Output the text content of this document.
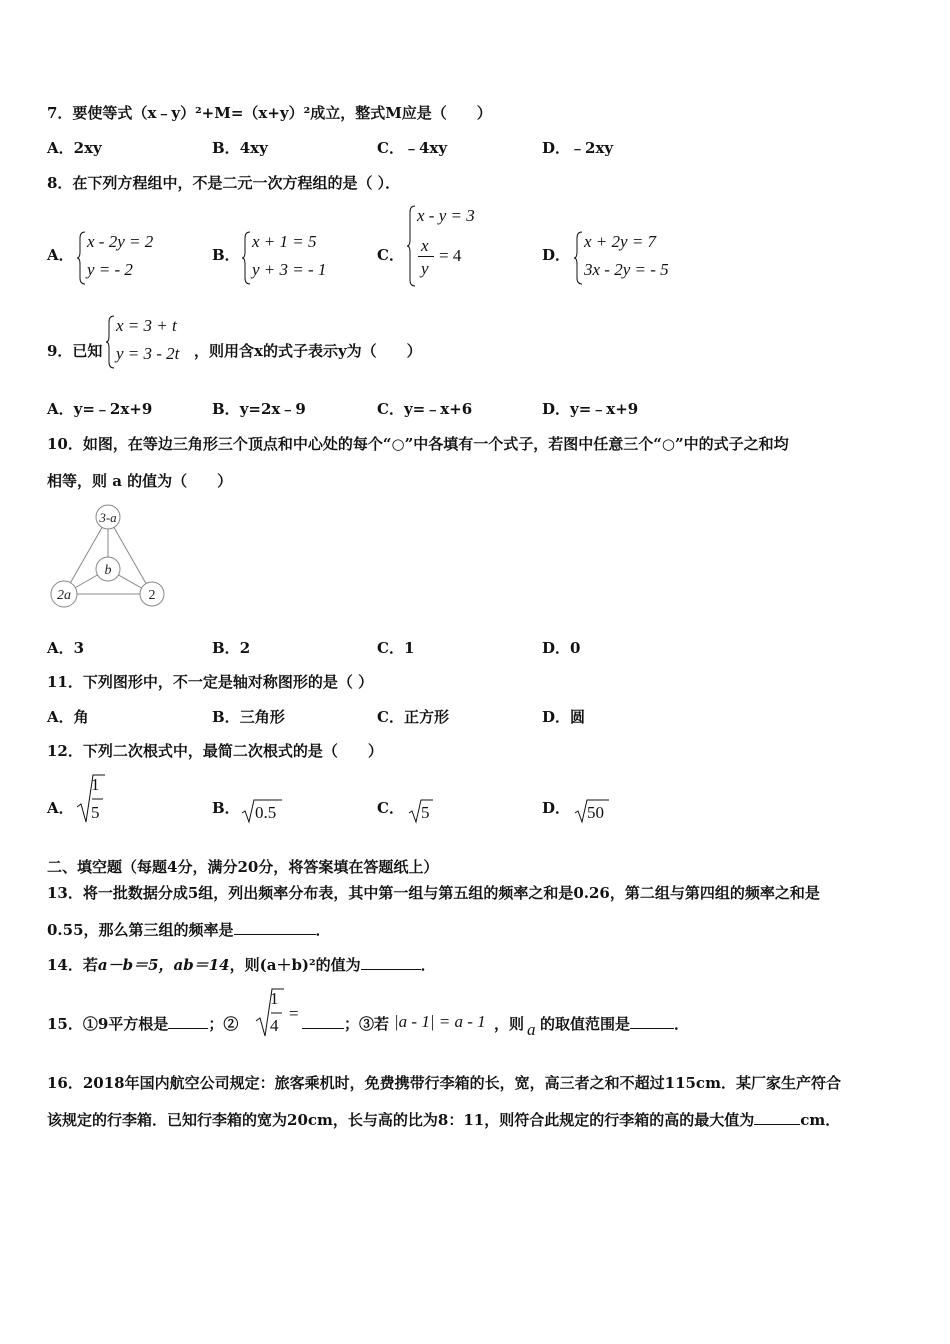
7．要使等式（x﹣y）²+M=（x+y）²成立，整式M应是（　　）
A．2xy	B．4xy	C．﹣4xy	D．﹣2xy
8．在下列方程组中，不是二元一次方程组的是（ ）．
A．
x - 2y = 2
y = - 2
B．
x + 1 = 5
y + 3 = - 1
C．
x - y = 3
x
y
= 4	D．
x + 2y = 7
3x - 2y = - 5
9．已知
x = 3 + t
y = 3 - 2t ，则用含x的式子表示y为（　　）
A．y=﹣2x+9	B．y=2x﹣9	C．y=﹣x+6	D．y=﹣x+9
10．如图，在等边三角形三个顶点和中心处的每个“○”中各填有一个式子，若图中任意三个“○”中的式子之和均
相等，则 a 的值为（　　）
3-a
b
2a	2
A．3	B．2	C．1	D．0
11．下列图形中，不一定是轴对称图形的是（ ）
A．角	B．三角形	C．正方形	D．圆
12．下列二次根式中，最简二次根式的是（　　）
A．
1
5	B． 0.5	C． 5	D． 50
二、填空题（每题4分，满分20分，将答案填在答题纸上）
13．将一批数据分成5组，列出频率分布表，其中第一组与第五组的频率之和是0.26，第二组与第四组的频率之和是
0.55，那么第三组的频率是	．
14．若a－b＝5，ab＝14，则(a＋b)²的值为	．
15．①9平方根是	；②
1
4
=
；③若 |a - 1| = a - 1 ，则 a 的取值范围是	．
16．2018年国内航空公司规定：旅客乘机时，免费携带行李箱的长，宽，高三者之和不超过115cm．某厂家生产符合
该规定的行李箱．已知行李箱的宽为20cm，长与高的比为8：11，则符合此规定的行李箱的高的最大值为	cm．
